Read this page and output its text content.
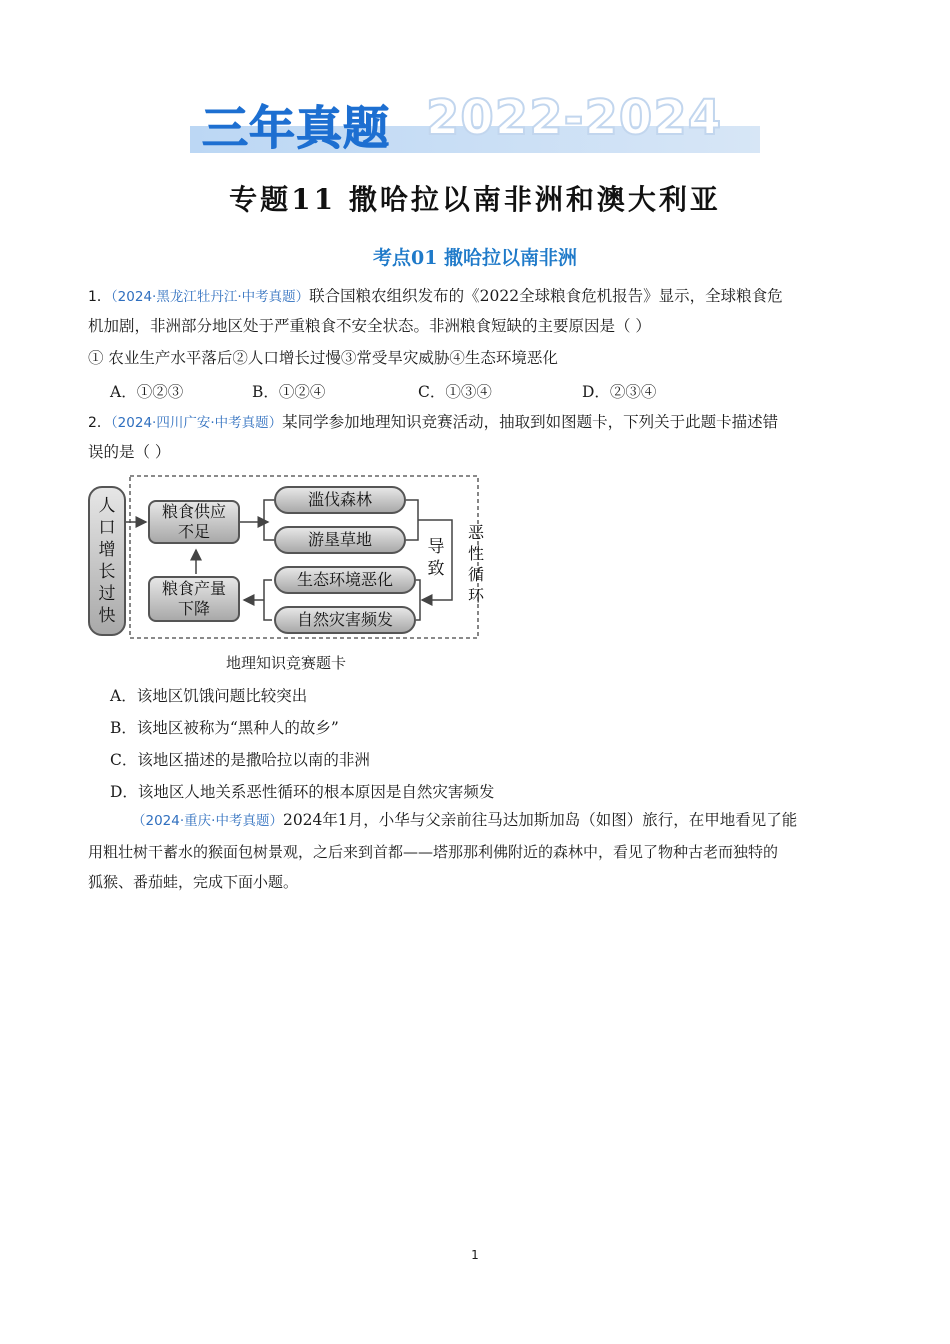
三年真题 2022-2024
专题11 撒哈拉以南非洲和澳大利亚
考点01 撒哈拉以南非洲
1．（2024·黑龙江牡丹江·中考真题）联合国粮农组织发布的《2022全球粮食危机报告》显示，全球粮食危
机加剧，非洲部分地区处于严重粮食不安全状态。非洲粮食短缺的主要原因是（ ）
① 农业生产水平落后②人口增长过慢③常受旱灾威胁④生态环境恶化
A．①②③	B．①②④	C．①③④	D．②③④
2．（2024·四川广安·中考真题）某同学参加地理知识竞赛活动，抽取到如图题卡，下列关于此题卡描述错
误的是（ ）
人口增长过快
粮食供应
不足
粮食产量
下降
滥伐森林
游垦草地
生态环境恶化
自然灾害频发
导致
恶性循环
地理知识竞赛题卡
A．该地区饥饿问题比较突出
B．该地区被称为“黑种人的故乡”
C．该地区描述的是撒哈拉以南的非洲
D．该地区人地关系恶性循环的根本原因是自然灾害频发
（2024·重庆·中考真题）2024年1月，小华与父亲前往马达加斯加岛（如图）旅行，在甲地看见了能
用粗壮树干蓄水的猴面包树景观，之后来到首都——塔那那利佛附近的森林中，看见了物种古老而独特的
狐猴、番茄蛙，完成下面小题。
1
